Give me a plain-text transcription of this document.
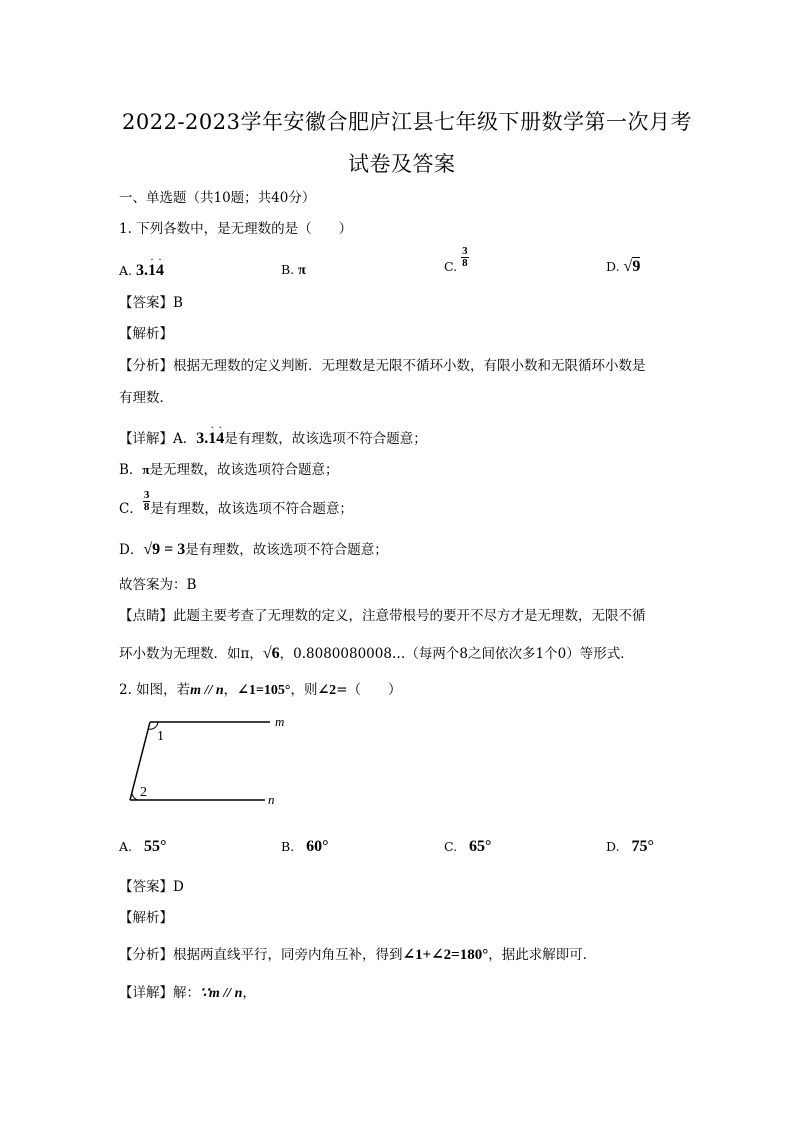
2022-2023学年安徽合肥庐江县七年级下册数学第一次月考
试卷及答案
一、单选题（共10题；共40分）
1. 下列各数中，是无理数的是（　　）
A. 3.· 1· 4	B. π	C. $\frac{3}{8}$	D. √9
【答案】B
【解析】
【分析】根据无理数的定义判断．无理数是无限不循环小数，有限小数和无限循环小数是
有理数．
【详解】A．3.· 1· 4是有理数，故该选项不符合题意；
B．π是无理数，故该选项符合题意；
C． $\frac{3}{8}$ 是有理数，故该选项不符合题意；
D．√9 = 3是有理数，故该选项不符合题意；
故答案为：B
【点睛】此题主要考查了无理数的定义，注意带根号的要开不尽方才是无理数，无限不循
环小数为无理数．如π，√6，0.8080080008…（每两个8之间依次多1个0）等形式．
2. 如图，若m // n，∠1=105°，则∠2=（　　）
m
n
1
2
A. 55°	B. 60°	C. 65°	D. 75°
【答案】D
【解析】
【分析】根据两直线平行，同旁内角互补，得到∠1+∠2=180°，据此求解即可．
【详解】解：∵m // n，
